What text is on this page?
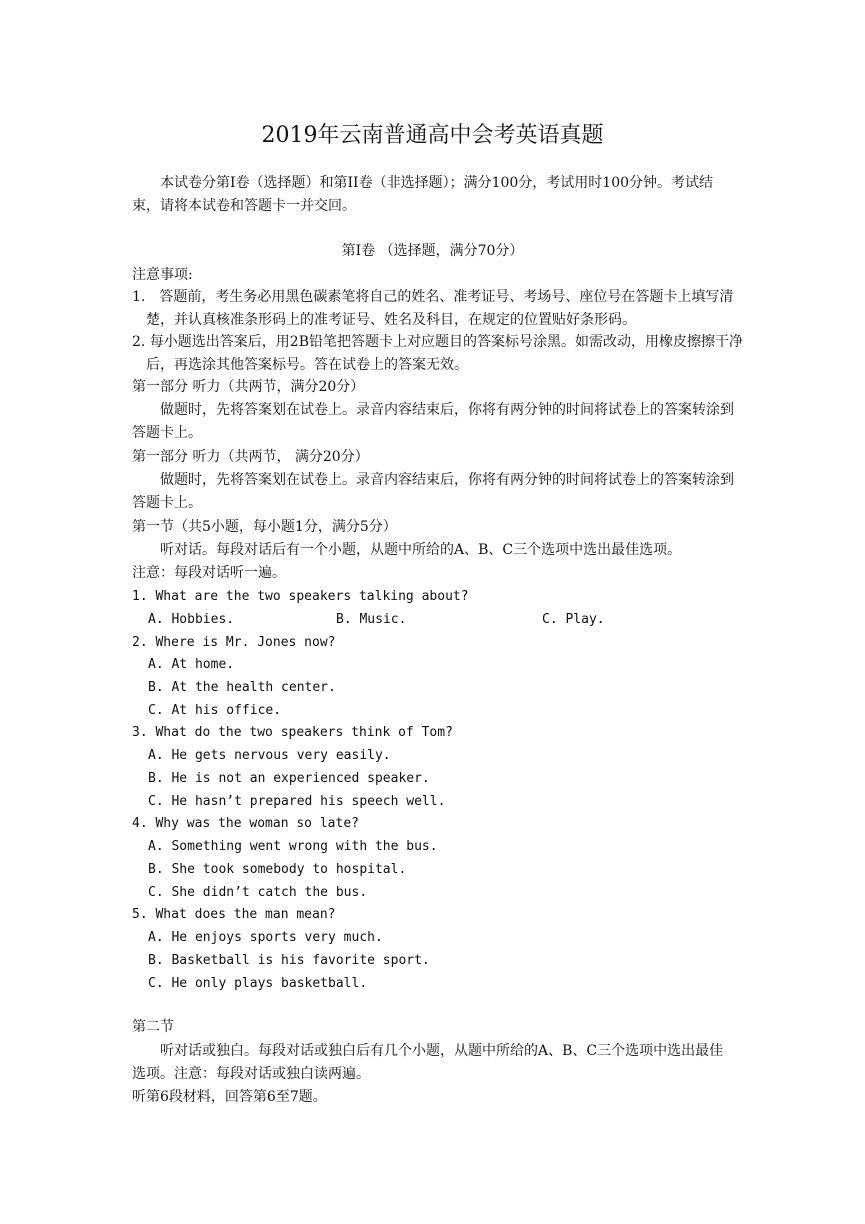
2019年云南普通高中会考英语真题

本试卷分第Ⅰ卷（选择题）和第II卷（非选择题）；满分100分，考试用时100分钟。考试结束，请将本试卷和答题卡一并交回。

第Ⅰ卷 （选择题，满分70分）

注意事项:

1.　答题前，考生务必用黑色碳素笔将自己的姓名、准考证号、考场号、座位号在答题卡上填写清楚，并认真核准条形码上的准考证号、姓名及科目，在规定的位置贴好条形码。

2. 每小题选出答案后，用2B铅笔把答题卡上对应题目的答案标号涂黑。如需改动，用橡皮擦擦干净后，再选涂其他答案标号。答在试卷上的答案无效。

第一部分 听力（共两节，满分20分）

做题时，先将答案划在试卷上。录音内容结束后，你将有两分钟的时间将试卷上的答案转涂到答题卡上。

第一部分 听力（共两节， 满分20分）

做题时，先将答案划在试卷上。录音内容结束后，你将有两分钟的时间将试卷上的答案转涂到答题卡上。

第一节（共5小题，每小题1分，满分5分）

听对话。每段对话后有一个小题，从题中所给的A、B、C三个选项中选出最佳选项。

注意：每段对话听一遍。

1. What are the two speakers talking about?

A. Hobbies.	B. Music.	C. Play.

2. Where is Mr. Jones now?

A. At home.
B. At the health center.
C. At his office.

3. What do the two speakers think of Tom?

A. He gets nervous very easily.
B. He is not an experienced speaker.
C. He hasn’t prepared his speech well.

4. Why was the woman so late?

A. Something went wrong with the bus.
B. She took somebody to hospital.
C. She didn’t catch the bus.

5. What does the man mean?

A. He enjoys sports very much.
B. Basketball is his favorite sport.
C. He only plays basketball.

第二节

听对话或独白。每段对话或独白后有几个小题，从题中所给的A、B、C三个选项中选出最佳选项。注意：每段对话或独白读两遍。

听第6段材料，回答第6至7题。
